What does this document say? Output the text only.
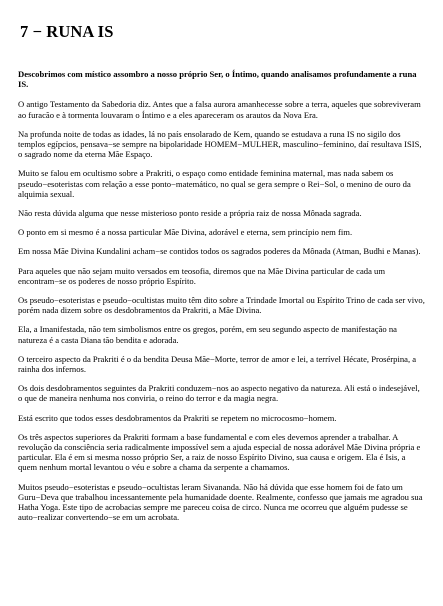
7 − RUNA IS

Descobrimos com místico assombro a nosso próprio Ser, o Íntimo, quando analisamos profundamente a runa IS.

O antigo Testamento da Sabedoria diz. Antes que a falsa aurora amanhecesse sobre a terra, aqueles que sobreviveram ao furacão e à tormenta louvaram o Íntimo e a eles apareceram os arautos da Nova Era.

Na profunda noite de todas as idades, lá no país ensolarado de Kem, quando se estudava a runa IS no sigilo dos templos egípcios, pensava−se sempre na bipolaridade HOMEM−MULHER, masculino−feminino, daí resultava ISIS, o sagrado nome da eterna Mãe Espaço.

Muito se falou em ocultismo sobre a Prakriti, o espaço como entidade feminina maternal, mas nada sabem os pseudo−esoteristas com relação a esse ponto−matemático, no qual se gera sempre o Rei−Sol, o menino de ouro da alquimia sexual.

Não resta dúvida alguma que nesse misterioso ponto reside a própria raiz de nossa Mônada sagrada.

O ponto em si mesmo é a nossa particular Mãe Divina, adorável e eterna, sem princípio nem fim.

Em nossa Mãe Divina Kundalini acham−se contidos todos os sagrados poderes da Mônada (Atman, Budhi e Manas).

Para aqueles que não sejam muito versados em teosofia, diremos que na Mãe Divina particular de cada um encontram−se os poderes de nosso próprio Espírito.

Os pseudo−esoteristas e pseudo−ocultistas muito têm dito sobre a Trindade Imortal ou Espírito Trino de cada ser vivo, porém nada dizem sobre os desdobramentos da Prakriti, a Mãe Divina.

Ela, a Imanifestada, não tem simbolismos entre os gregos, porém, em seu segundo aspecto de manifestação na natureza é a casta Diana tão bendita e adorada.

O terceiro aspecto da Prakriti é o da bendita Deusa Mãe−Morte, terror de amor e lei, a terrível Hécate, Prosérpina, a rainha dos infernos.

Os dois desdobramentos seguintes da Prakriti conduzem−nos ao aspecto negativo da natureza. Ali está o indesejável, o que de maneira nenhuma nos conviria, o reino do terror e da magia negra.

Está escrito que todos esses desdobramentos da Prakriti se repetem no microcosmo−homem.

Os três aspectos superiores da Prakriti formam a base fundamental e com eles devemos aprender a trabalhar. A revolução da consciência seria radicalmente impossível sem a ajuda especial de nossa adorável Mãe Divina própria e particular. Ela é em si mesma nosso próprio Ser, a raiz de nosso Espírito Divino, sua causa e origem. Ela é Isis, a quem nenhum mortal levantou o véu e sobre a chama da serpente a chamamos.

Muitos pseudo−esoteristas e pseudo−ocultistas leram Sivananda. Não há dúvida que esse homem foi de fato um Guru−Deva que trabalhou incessantemente pela humanidade doente. Realmente, confesso que jamais me agradou sua Hatha Yoga. Este tipo de acrobacias sempre me pareceu coisa de circo. Nunca me ocorreu que alguém pudesse se auto−realizar convertendo−se em um acrobata.
